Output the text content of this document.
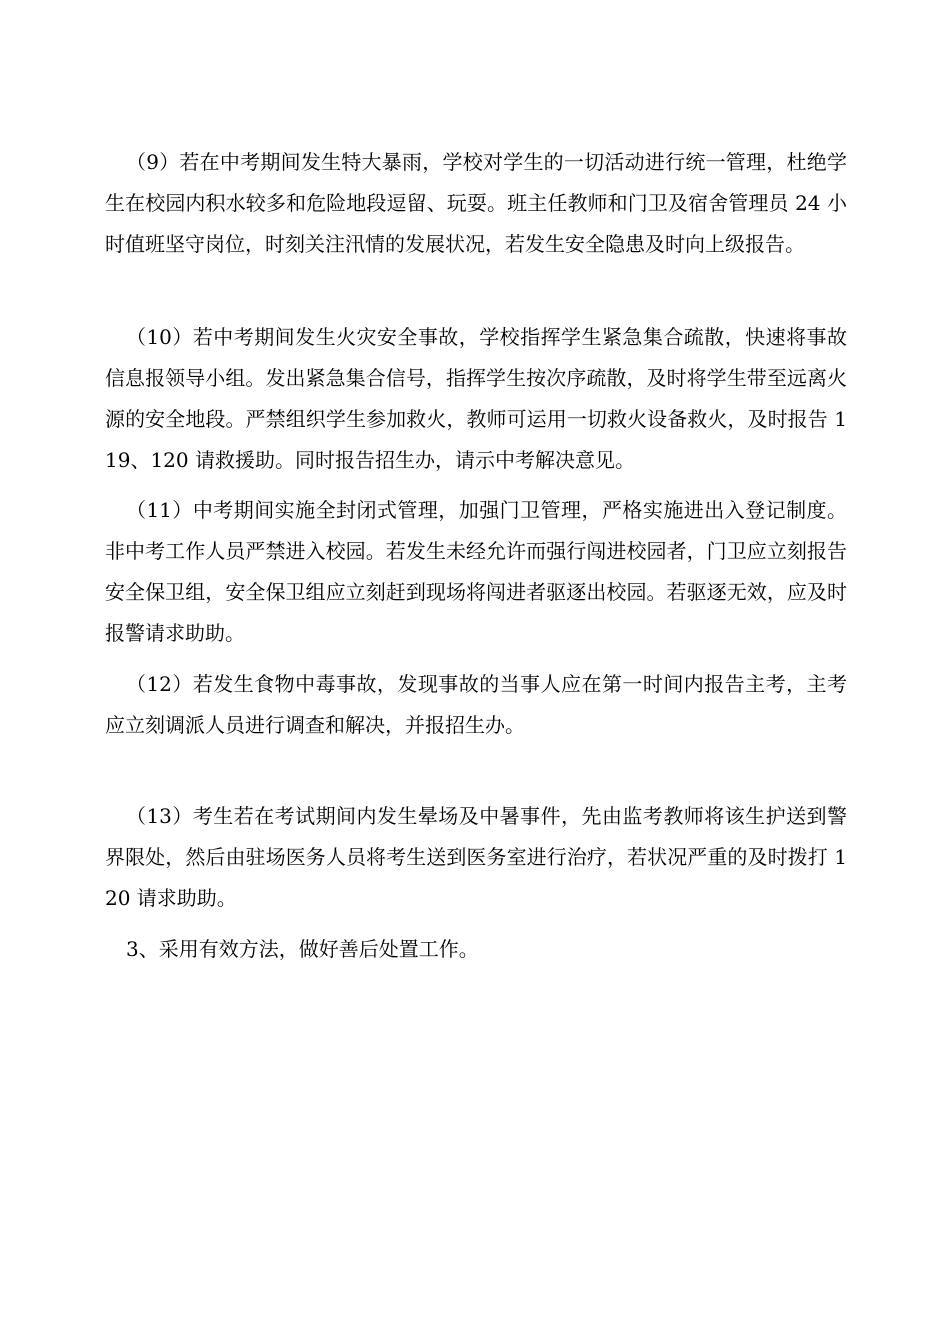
（9）若在中考期间发生特大暴雨，学校对学生的一切活动进行统一管理，杜绝学生在校园内积水较多和危险地段逗留、玩耍。班主任教师和门卫及宿舍管理员 24 小时值班坚守岗位，时刻关注汛情的发展状况，若发生安全隐患及时向上级报告。

（10）若中考期间发生火灾安全事故，学校指挥学生紧急集合疏散，快速将事故信息报领导小组。发出紧急集合信号，指挥学生按次序疏散，及时将学生带至远离火源的安全地段。严禁组织学生参加救火，教师可运用一切救火设备救火，及时报告 119、120 请救援助。同时报告招生办，请示中考解决意见。

（11）中考期间实施全封闭式管理，加强门卫管理，严格实施进出入登记制度。非中考工作人员严禁进入校园。若发生未经允许而强行闯进校园者，门卫应立刻报告安全保卫组，安全保卫组应立刻赶到现场将闯进者驱逐出校园。若驱逐无效，应及时报警请求助助。

（12）若发生食物中毒事故，发现事故的当事人应在第一时间内报告主考，主考应立刻调派人员进行调查和解决，并报招生办。

（13）考生若在考试期间内发生晕场及中暑事件，先由监考教师将该生护送到警界限处，然后由驻场医务人员将考生送到医务室进行治疗，若状况严重的及时拨打 120 请求助助。

3、采用有效方法，做好善后处置工作。
